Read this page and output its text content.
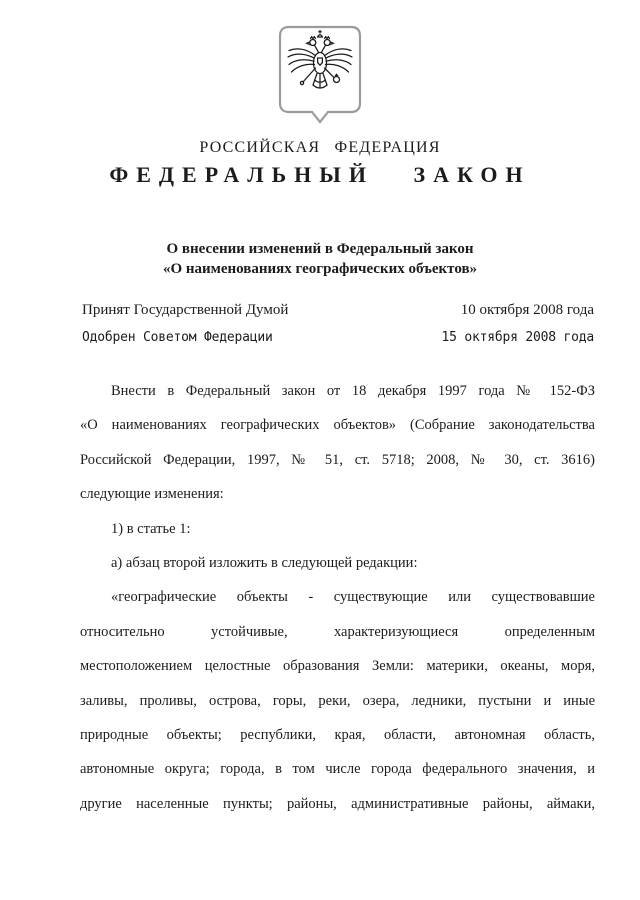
РОССИЙСКАЯ ФЕДЕРАЦИЯ
ФЕДЕРАЛЬНЫЙ ЗАКОН
О внесении изменений в Федеральный закон
«О наименованиях географических объектов»
Принят Государственной Думой	10 октября 2008 года
Одобрен Советом Федерации	15 октября 2008 года
Внести в Федеральный закон от 18 декабря 1997 года № 152-ФЗ
«О наименованиях географических объектов» (Собрание законодательства
Российской Федерации, 1997, № 51, ст. 5718; 2008, № 30, ст. 3616)
следующие изменения:
1) в статье 1:
а) абзац второй изложить в следующей редакции:
«географические объекты - существующие или существовавшие
относительно устойчивые, характеризующиеся определенным
местоположением целостные образования Земли: материки, океаны, моря,
заливы, проливы, острова, горы, реки, озера, ледники, пустыни и иные
природные объекты; республики, края, области, автономная область,
автономные округа; города, в том числе города федерального значения, и
другие населенные пункты; районы, административные районы, аймаки,
